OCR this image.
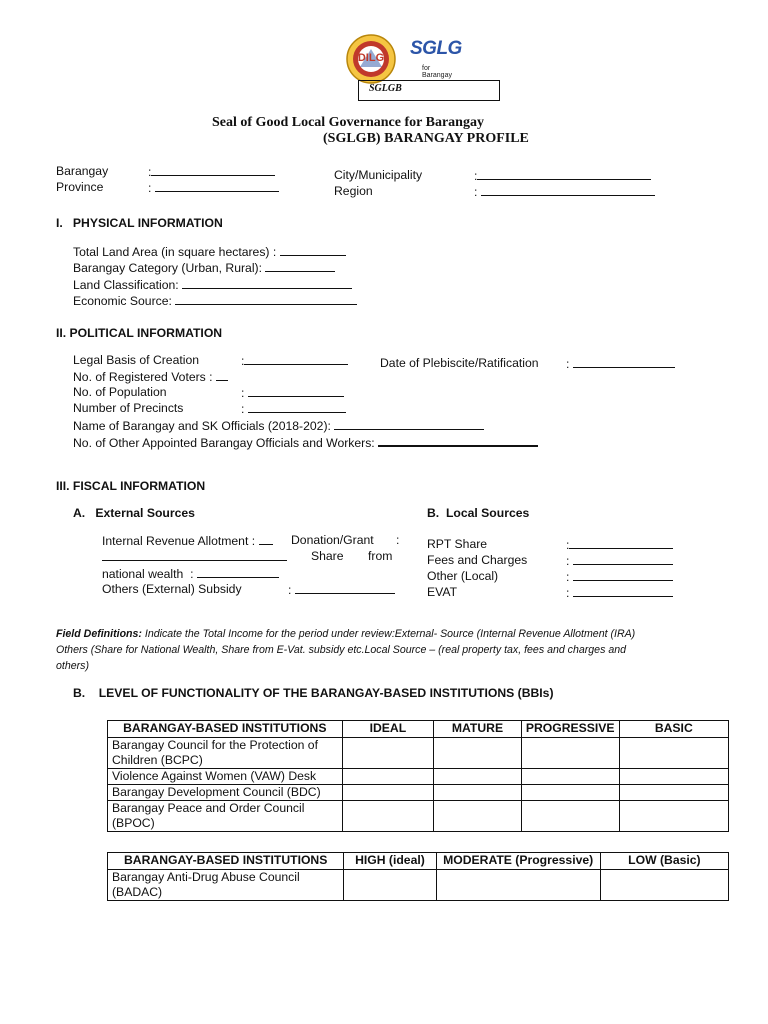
DILG	SGLG
for Barangay
SGLGB
Seal of Good Local Governance for Barangay
(SGLGB) BARANGAY PROFILE
Barangay	:
Province	:
City/Municipality	:
Region	:
I.   PHYSICAL INFORMATION
Total Land Area (in square hectares) :
Barangay Category (Urban, Rural):
Land Classification:
Economic Source:
II. POLITICAL INFORMATION
Legal Basis of Creation	:	Date of Plebiscite/Ratification :
No. of Registered Voters :
No. of Population	:
Number of Precincts	:
Name of Barangay and SK Officials (2018-202):
No. of Other Appointed Barangay Officials and Workers:
III. FISCAL INFORMATION
A.   External Sources	B.  Local Sources
Internal Revenue Allotment :	Donation/Grant :
Share from
national wealth :
Others (External) Subsidy	:
RPT Share	:
Fees and Charges	:
Other (Local)	:
EVAT	:
Field Definitions: Indicate the Total Income for the period under review:External- Source (Internal Revenue Allotment (IRA)
Others (Share for National Wealth, Share from E-Vat. subsidy etc.Local Source – (real property tax, fees and charges and
others)
B.    LEVEL OF FUNCTIONALITY OF THE BARANGAY-BASED INSTITUTIONS (BBIs)
BARANGAY-BASED INSTITUTIONS	IDEAL	MATURE	PROGRESSIVE	BASIC

Barangay Council for the Protection of
Children (BCPC)				

Violence Against Women (VAW) Desk				

Barangay Development Council (BDC)				

Barangay Peace and Order Council
(BPOC)				

BARANGAY-BASED INSTITUTIONS	HIGH (ideal)	MODERATE (Progressive)	LOW (Basic)

Barangay Anti-Drug Abuse Council
(BADAC)			
